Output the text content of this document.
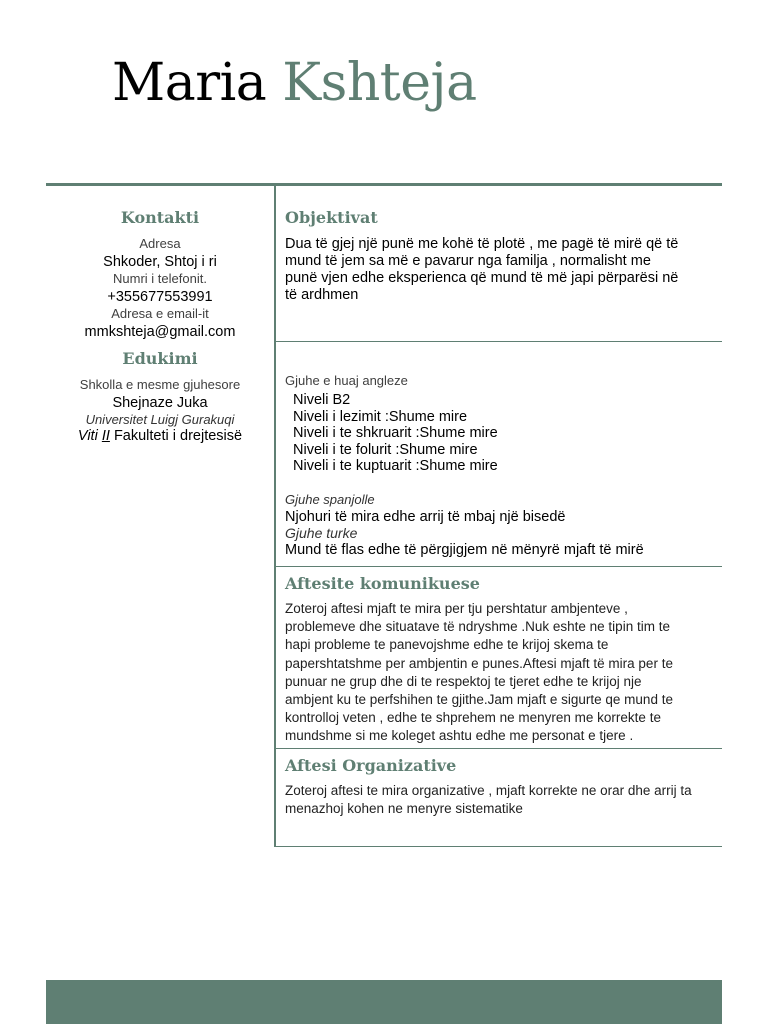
Maria Kshteja
Kontakti
Adresa
Shkoder, Shtoj i ri
Numri i telefonit.
+355677553991
Adresa e email-it
mmkshteja@gmail.com
Edukimi
Shkolla e mesme gjuhesore
Shejnaze Juka
Universitet Luigj Gurakuqi
Viti II Fakulteti i drejtesisë
Objektivat

Dua të gjej një punë me kohë të plotë , me pagë të mirë që të

mund të jem sa më e pavarur nga familja , normalisht me

punë vjen edhe eksperienca që mund të më japi përparësi në

të ardhmen

Gjuhe e huaj angleze

Niveli B2

Niveli i lezimit :Shume mire

Niveli i te shkruarit :Shume mire

Niveli i te folurit :Shume mire

Niveli i te kuptuarit :Shume mire

Gjuhe spanjolle
Njohuri të mira edhe arrij të mbaj një bisedë
Gjuhe turke
Mund të flas edhe të përgjigjem në mënyrë mjaft të mirë
Aftesite komunikuese

Zoteroj aftesi mjaft te mira per tju pershtatur ambjenteve ,

problemeve dhe situatave të ndryshme .Nuk eshte ne tipin tim te

hapi probleme te panevojshme edhe te krijoj skema te

papershtatshme per ambjentin e punes.Aftesi mjaft të mira per te

punuar ne grup dhe di te respektoj te tjeret edhe te krijoj nje

ambjent ku te perfshihen te gjithe.Jam mjaft e sigurte qe mund te

kontrolloj veten , edhe te shprehem ne menyren me korrekte te

mundshme si me koleget ashtu edhe me personat e tjere .

Aftesi Organizative

Zoteroj aftesi te mira organizative , mjaft korrekte ne orar dhe arrij ta

menazhoj kohen ne menyre sistematike
